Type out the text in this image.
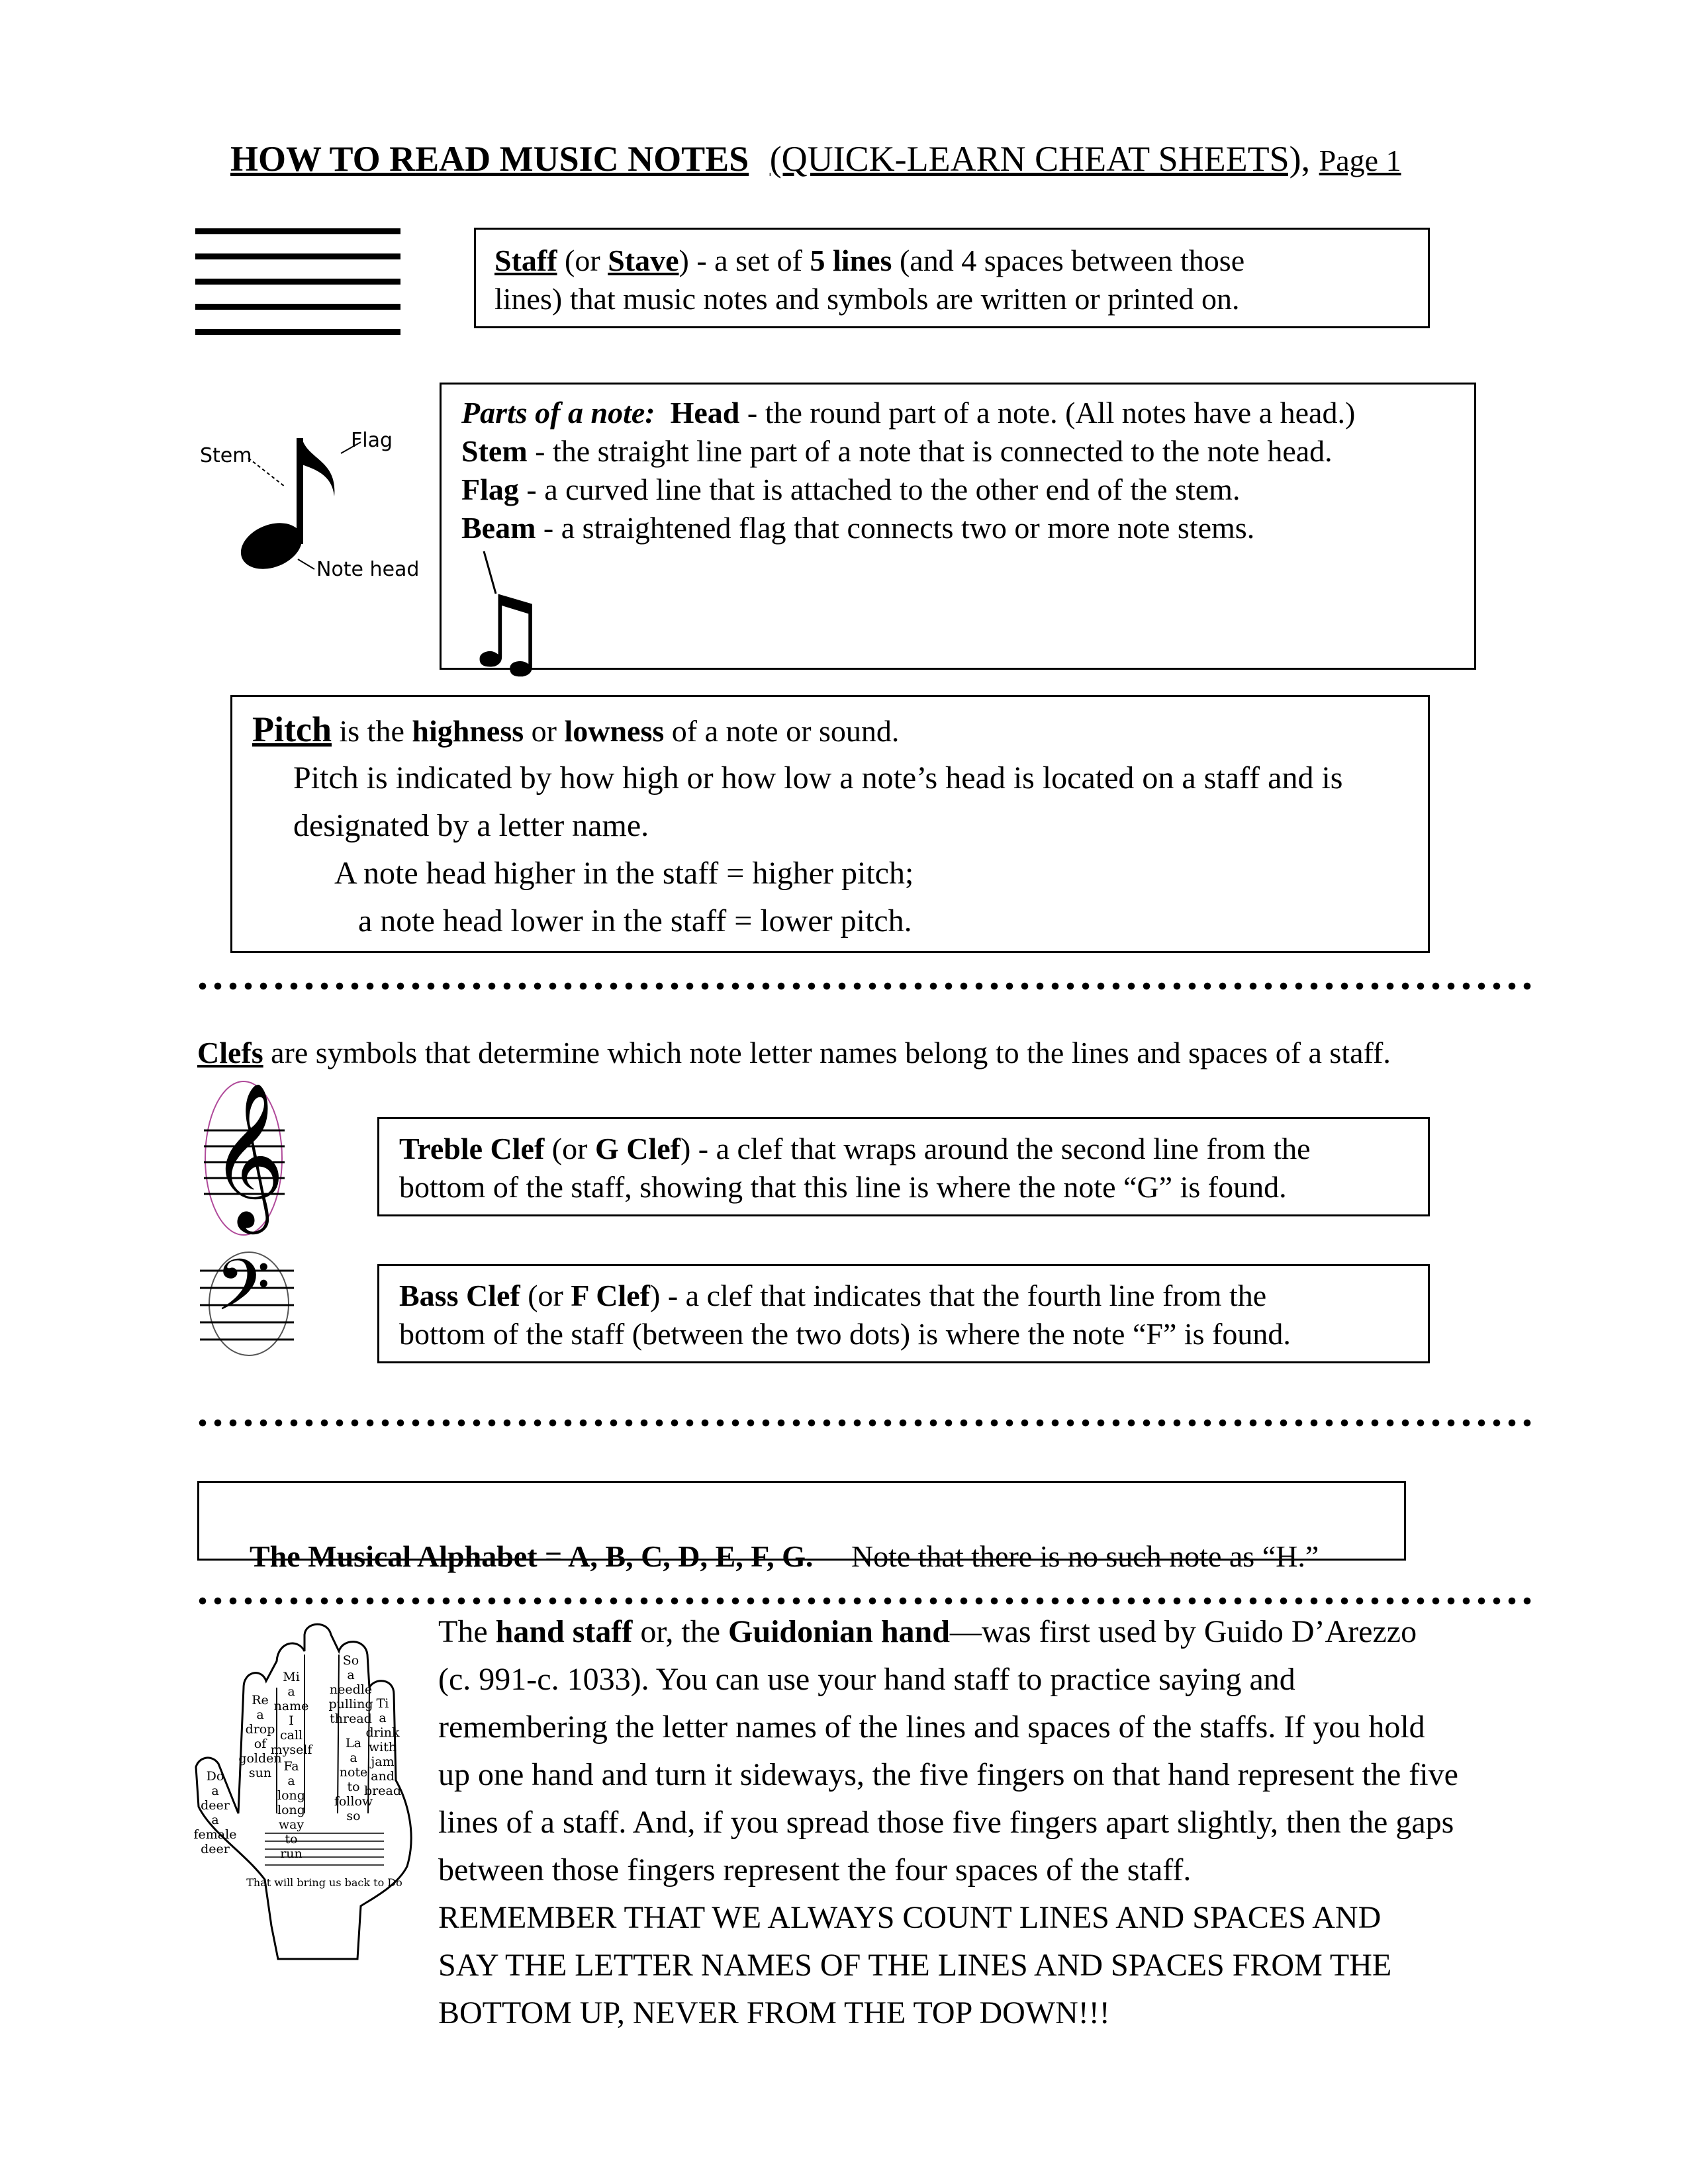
HOW TO READ MUSIC NOTES (QUICK-LEARN CHEAT SHEETS), Page 1
Staff (or Stave) - a set of 5 lines (and 4 spaces between those
lines) that music notes and symbols are written or printed on.
Stem
Flag
Note head
Parts of a note: Head - the round part of a note. (All notes have a head.)
Stem - the straight line part of a note that is connected to the note head.
Flag - a curved line that is attached to the other end of the stem.
Beam - a straightened flag that connects two or more note stems.
♫
Pitch is the highness or lowness of a note or sound.
Pitch is indicated by how high or how low a note’s head is located on a staff and is
designated by a letter name.
A note head higher in the staff = higher pitch;
a note head lower in the staff = lower pitch.
Clefs are symbols that determine which note letter names belong to the lines and spaces of a staff.
𝄞	Treble Clef (or G Clef) - a clef that wraps around the second line from the
bottom of the staff, showing that this line is where the note “G” is found.
𝄢	Bass Clef (or F Clef) - a clef that indicates that the fourth line from the
bottom of the staff (between the two dots) is where the note “F” is found.

The Musical Alphabet = A, B, C, D, E, F, G. Note that there is no such note as “H.”

Mi
a
name
I
call
myself
So
a
needle
pulling
thread
Re
a
drop
of
golden
sun Fa
a
long
long
way
to
run
La
a
note
to
follow
so
Ti
a
drink
with
jam
and
bread
Do
a
deer
a
female
deer
That will bring us back to Do
The hand staff or, the Guidonian hand—was first used by Guido D’Arezzo
(c. 991-c. 1033). You can use your hand staff to practice saying and
remembering the letter names of the lines and spaces of the staffs. If you hold
up one hand and turn it sideways, the five fingers on that hand represent the five
lines of a staff. And, if you spread those five fingers apart slightly, then the gaps
between those fingers represent the four spaces of the staff.
REMEMBER THAT WE ALWAYS COUNT LINES AND SPACES AND
SAY THE LETTER NAMES OF THE LINES AND SPACES FROM THE
BOTTOM UP, NEVER FROM THE TOP DOWN!!!
